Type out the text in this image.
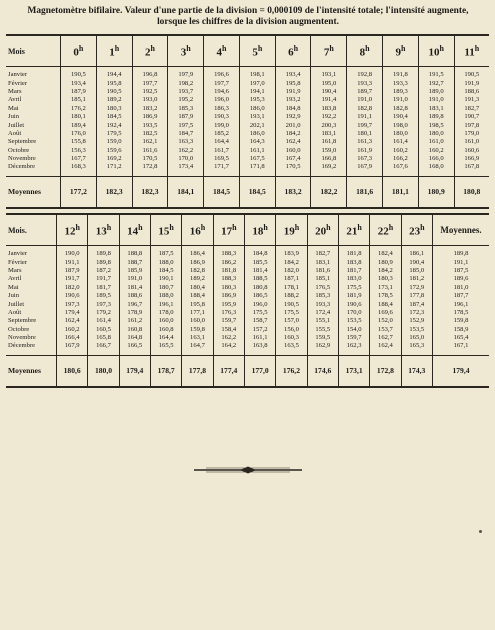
Magnetomètre bifilaire. Valeur d'une partie de la division = 0,000109 de l'intensité totale; l'intensité augmente, lorsque les chiffres de la division augmentent.
Mois	0$^h$	1$^h$	2$^h$	3$^h$	4$^h$	5$^h$	6$^h$	7$^h$	8$^h$	9$^h$	10$^h$	11$^h$
Janvier	190,5	194,4	196,8	197,9	196,6	198,1	193,4	193,1	192,8	191,8	191,5	190,5
Février	193,4	195,8	197,7	198,2	197,7	197,0	195,8	195,0	193,3	193,3	192,7	191,9
Mars	187,9	190,5	192,5	193,7	194,6	194,1	191,9	190,4	189,7	189,3	189,0	188,6
Avril	185,1	189,2	193,0	195,2	196,0	195,3	193,2	191,4	191,0	191,0	191,0	191,3
Mai	176,2	180,3	183,2	185,3	186,3	186,0	184,8	183,8	182,8	182,8	183,1	182,7
Juin	180,1	184,5	186,9	187,9	190,3	193,1	192,9	192,2	191,1	190,4	189,8	190,7
Juillet	189,4	192,4	193,5	197,5	199,0	202,1	201,0	200,3	199,7	198,0	198,5	197,8
Août	176,0	179,5	182,5	184,7	185,2	186,0	184,2	183,1	180,1	180,0	180,0	179,0
Septembre	155,8	159,0	162,1	163,3	164,4	164,3	162,4	161,8	161,3	161,4	161,0	161,0
Octobre	156,3	159,6	161,6	162,2	161,7	161,1	160,0	159,0	161,9	160,2	160,2	160,6
Novembre	167,7	169,2	170,5	170,0	169,5	167,5	167,4	166,8	167,3	166,2	166,0	166,9
Décembre	168,3	171,2	172,8	173,4	171,7	171,8	170,5	169,2	167,9	167,6	168,0	167,8
Moyennes	177,2	182,3	182,3	184,1	184,5	184,5	183,2	182,2	181,6	181,1	180,9	180,8
Mois.	12$^h$	13$^h$	14$^h$	15$^h$	16$^h$	17$^h$	18$^h$	19$^h$	20$^h$	21$^h$	22$^h$	23$^h$	Moyennes.
Janvier	190,0	189,8	188,8	187,5	186,4	188,3	184,8	183,9	182,7	181,8	182,4	186,1	189,8
Février	191,1	189,8	188,7	188,0	186,9	186,2	185,5	184,2	183,1	183,8	180,9	190,4	191,1
Mars	187,9	187,2	185,9	184,5	182,8	181,8	181,4	182,0	181,6	181,7	184,2	185,0	187,5
Avril	191,7	191,7	191,0	190,1	189,2	188,3	188,5	187,1	185,1	183,0	180,3	181,2	189,6
Mai	182,0	181,7	181,4	180,7	180,4	180,3	180,8	178,1	176,5	175,5	173,1	172,9	181,0
Juin	190,6	189,5	188,6	188,0	188,4	186,9	186,5	188,2	185,3	181,9	178,5	177,8	187,7
Juillet	197,3	197,3	196,7	196,1	195,8	195,9	196,0	190,5	193,3	190,6	188,4	187,4	196,1
Août	179,4	179,2	178,9	178,0	177,1	176,3	175,5	175,5	172,4	170,0	169,6	172,3	178,5
Septembre	162,4	161,4	161,2	160,0	160,0	159,7	158,7	157,0	155,1	153,5	152,0	152,9	159,8
Octobre	160,2	160,5	160,8	160,8	159,8	158,4	157,2	156,0	155,5	154,0	153,7	153,5	158,9
Novembre	166,4	165,8	164,8	164,4	163,1	162,2	161,1	160,3	159,5	159,7	162,7	165,0	165,4
Décembre	167,9	166,7	166,5	165,5	164,7	164,2	163,8	163,5	162,9	162,3	162,4	165,3	167,1
Moyennes	180,6	180,0	179,4	178,7	177,8	177,4	177,0	176,2	174,6	173,1	172,8	174,3	179,4
